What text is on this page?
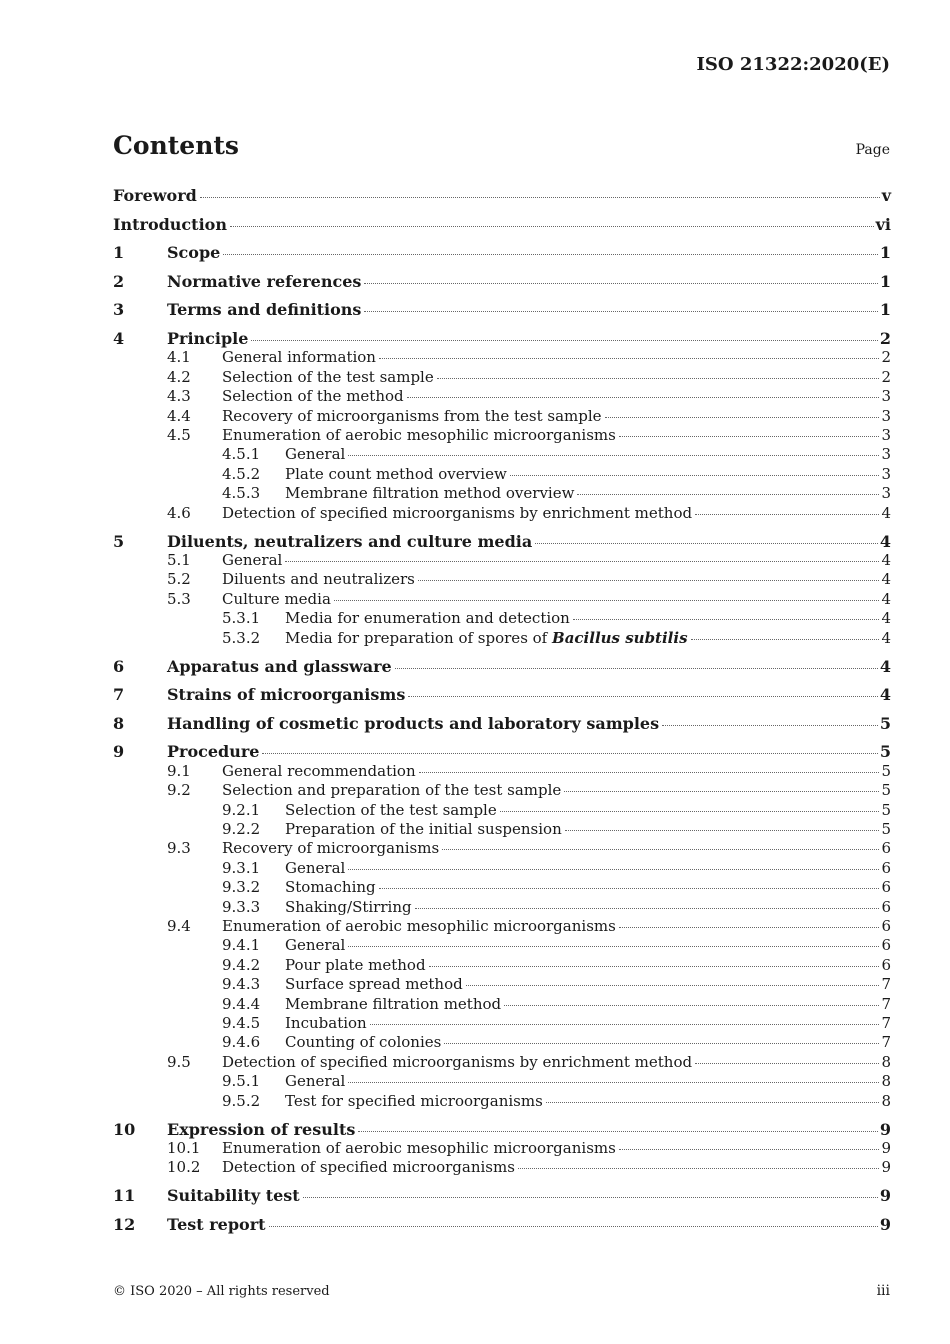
ISO 21322:2020(E)
Contents	Page
Foreword	v
Introduction	vi
1	Scope	1
2	Normative references	1
3	Terms and definitions	1
4	Principle	2
4.1 General information	2
4.2 Selection of the test sample	2
4.3 Selection of the method	3
4.4 Recovery of microorganisms from the test sample	3
4.5 Enumeration of aerobic mesophilic microorganisms	3
4.5.1 General	3
4.5.2 Plate count method overview	3
4.5.3 Membrane filtration method overview	3
4.6 Detection of specified microorganisms by enrichment method	4
5	Diluents, neutralizers and culture media	4
5.1 General	4
5.2 Diluents and neutralizers	4
5.3 Culture media	4
5.3.1 Media for enumeration and detection	4
5.3.2 Media for preparation of spores of Bacillus subtilis	4
6	Apparatus and glassware	4
7	Strains of microorganisms	4
8	Handling of cosmetic products and laboratory samples	5
9	Procedure	5
9.1 General recommendation	5
9.2 Selection and preparation of the test sample	5
9.2.1 Selection of the test sample	5
9.2.2 Preparation of the initial suspension	5
9.3 Recovery of microorganisms	6
9.3.1 General	6
9.3.2 Stomaching	6
9.3.3 Shaking/Stirring	6
9.4 Enumeration of aerobic mesophilic microorganisms	6
9.4.1 General	6
9.4.2 Pour plate method	6
9.4.3 Surface spread method	7
9.4.4 Membrane filtration method	7
9.4.5 Incubation	7
9.4.6 Counting of colonies	7
9.5 Detection of specified microorganisms by enrichment method	8
9.5.1 General	8
9.5.2 Test for specified microorganisms	8
10 Expression of results	9
10.1 Enumeration of aerobic mesophilic microorganisms	9
10.2 Detection of specified microorganisms	9
11 Suitability test	9
12 Test report	9
© ISO 2020 – All rights reserved	iii
